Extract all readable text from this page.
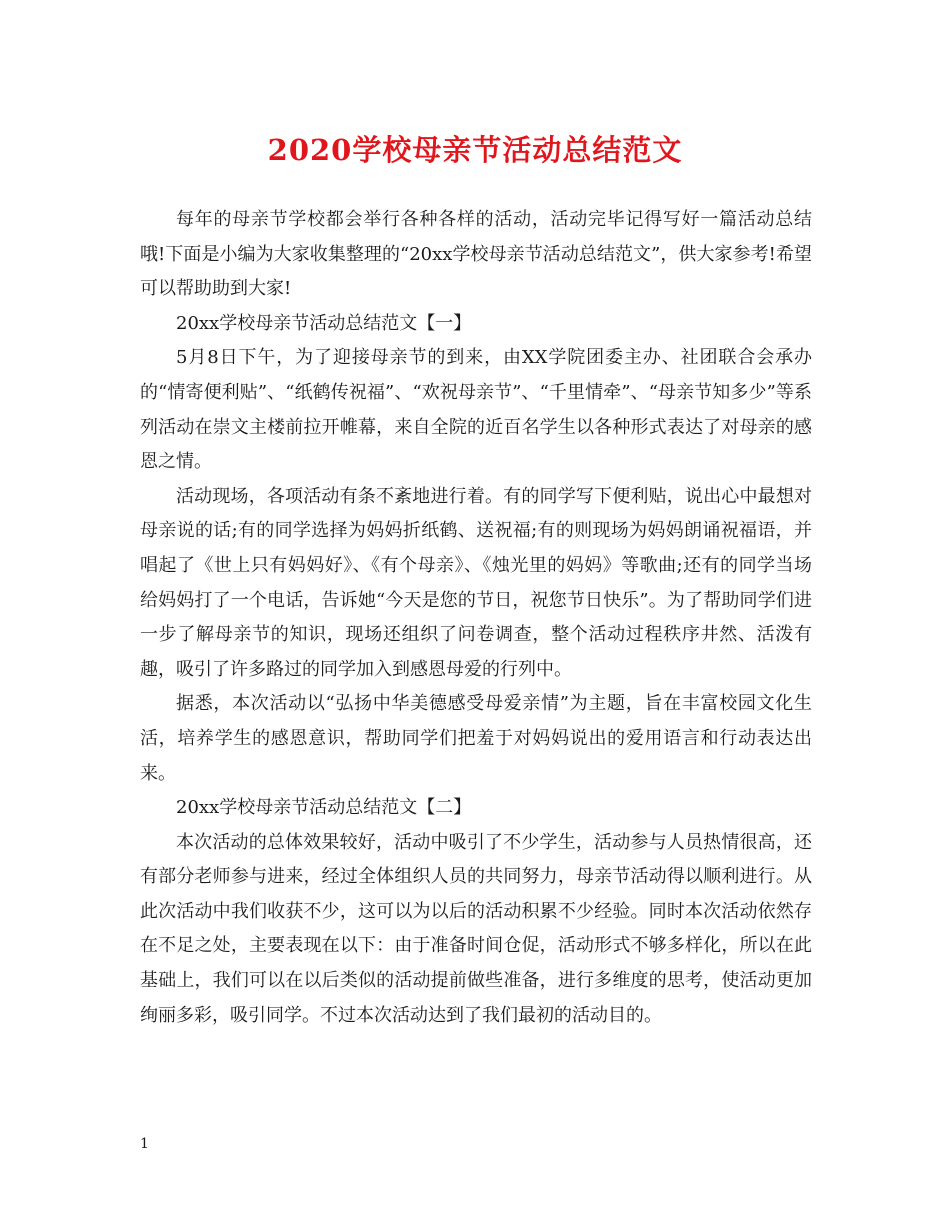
2020学校母亲节活动总结范文

每年的母亲节学校都会举行各种各样的活动，活动完毕记得写好一篇活动总结哦!下面是小编为大家收集整理的“20xx学校母亲节活动总结范文”，供大家参考!希望可以帮助助到大家!

20xx学校母亲节活动总结范文【一】

5月8日下午，为了迎接母亲节的到来，由XX学院团委主办、社团联合会承办的“情寄便利贴”、“纸鹤传祝福”、“欢祝母亲节”、“千里情牵”、“母亲节知多少”等系列活动在崇文主楼前拉开帷幕，来自全院的近百名学生以各种形式表达了对母亲的感恩之情。

活动现场，各项活动有条不紊地进行着。有的同学写下便利贴，说出心中最想对母亲说的话;有的同学选择为妈妈折纸鹤、送祝福;有的则现场为妈妈朗诵祝福语，并唱起了《世上只有妈妈好》、《有个母亲》、《烛光里的妈妈》等歌曲;还有的同学当场给妈妈打了一个电话，告诉她“今天是您的节日，祝您节日快乐”。为了帮助同学们进一步了解母亲节的知识，现场还组织了问卷调查，整个活动过程秩序井然、活泼有趣，吸引了许多路过的同学加入到感恩母爱的行列中。

据悉，本次活动以“弘扬中华美德感受母爱亲情”为主题，旨在丰富校园文化生活，培养学生的感恩意识，帮助同学们把羞于对妈妈说出的爱用语言和行动表达出来。

20xx学校母亲节活动总结范文【二】

本次活动的总体效果较好，活动中吸引了不少学生，活动参与人员热情很高，还有部分老师参与进来，经过全体组织人员的共同努力，母亲节活动得以顺利进行。从此次活动中我们收获不少，这可以为以后的活动积累不少经验。同时本次活动依然存在不足之处，主要表现在以下：由于准备时间仓促，活动形式不够多样化，所以在此基础上，我们可以在以后类似的活动提前做些准备，进行多维度的思考，使活动更加绚丽多彩，吸引同学。不过本次活动达到了我们最初的活动目的。

1
